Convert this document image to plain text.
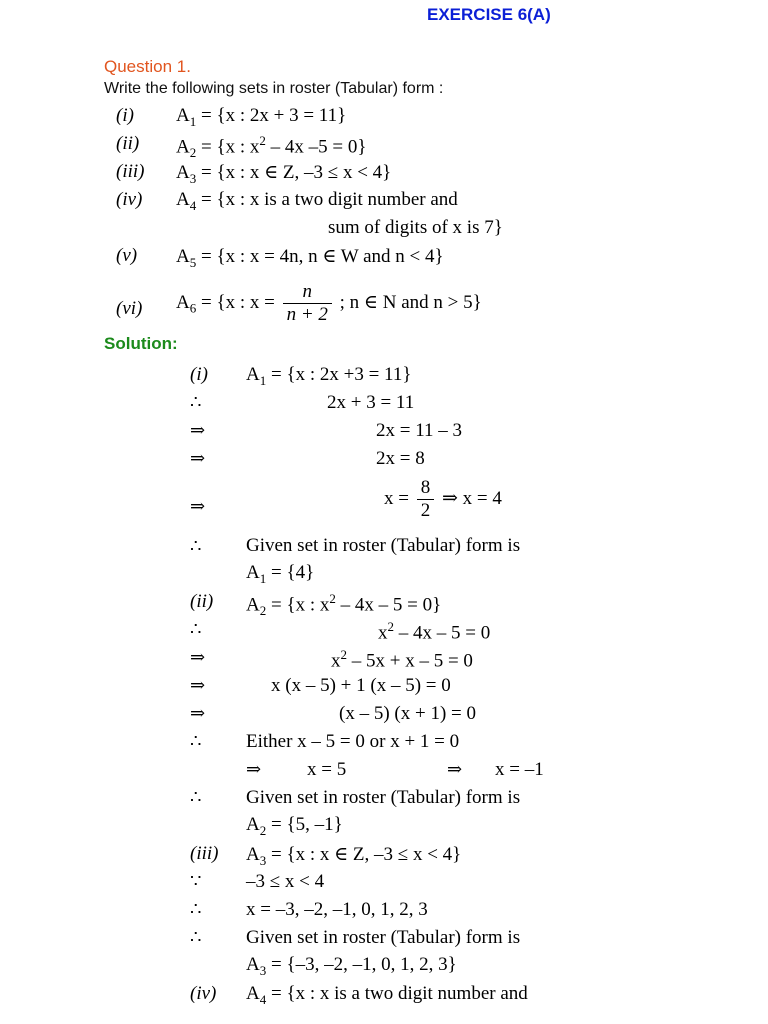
EXERCISE 6(A)
Question 1.
Write the following sets in roster (Tabular) form :
(i) $A_1 = \{x$ : 2x + 3 = 11}
(ii) $A_2 = \{x$ : $x^2 - 4x$ –5 = 0}
(iii) $A_3 = \{x$ : x ∈ Z, –3 ≤ x < 4}
(iv) $A_4 = \{x$ : x is a two digit number and
sum of digits of x is 7}
(v) $A_5 = \{x$ : x = 4n, n ∈ W and n < 4}
(vi) $A_6 = \{x$ : $x = \frac{n}{n + 2}$ ; n ∈ N and n > 5}
Solution:
(i) $A_1 = \{x$ : 2x +3 = 11}
∴	2x + 3 = 11
⇒	2x = 11 – 3
⇒	2x = 8
⇒	$x = \frac{8}{2}$ ⇒ x = 4
∴ Given set in roster (Tabular) form is
$A_1 = \{4\}$
(ii) $A_2 = \{x$ : $x^2 - 4x - 5 = 0$}
∴	$x^2 - 4x - 5 = 0$
⇒	$x^2 - 5x + x - 5 = 0$
⇒	x (x – 5) + 1 (x – 5) = 0
⇒	(x – 5) (x + 1) = 0
∴ Either x – 5 = 0 or x + 1 = 0
⇒ x = 5	⇒ x = –1
∴ Given set in roster (Tabular) form is
$A_2 = \{5$, –1}
(iii) $A_3 = \{x$ : x ∈ Z, –3 ≤ x < 4}
∵ –3 ≤ x < 4
∴ x = –3, –2, –1, 0, 1, 2, 3
∴ Given set in roster (Tabular) form is
$A_3 = \{-3$, –2, –1, 0, 1, 2, 3}
(iv) $A_4 = \{x$ : x is a two digit number and
